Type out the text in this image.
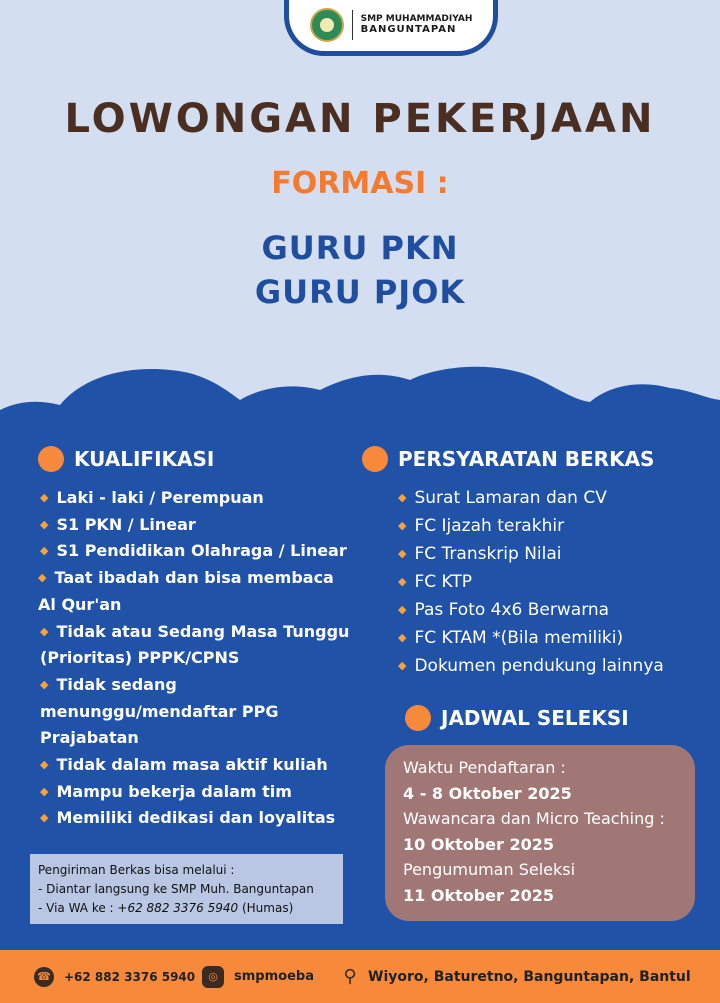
SMP MUHAMMADIYAH
BANGUNTAPAN
LOWONGAN PEKERJAAN
FORMASI :
GURU PKN
GURU PJOK
KUALIFIKASI
◆ Laki - laki / Perempuan
◆ S1 PKN / Linear
◆ S1 Pendidikan Olahraga / Linear
◆ Taat ibadah dan bisa membaca Al Qur'an
◆ Tidak atau Sedang Masa Tunggu (Prioritas) PPPK/CPNS
◆ Tidak sedang menunggu/mendaftar PPG Prajabatan
◆ Tidak dalam masa aktif kuliah
◆ Mampu bekerja dalam tim
◆ Memiliki dedikasi dan loyalitas
PERSYARATAN BERKAS
◆ Surat Lamaran dan CV
◆ FC Ijazah terakhir
◆ FC Transkrip Nilai
◆ FC KTP
◆ Pas Foto 4x6 Berwarna
◆ FC KTAM *(Bila memiliki)
◆ Dokumen pendukung lainnya
JADWAL SELEKSI
Waktu Pendaftaran :
4 - 8 Oktober 2025
Wawancara dan Micro Teaching :
10 Oktober 2025
Pengumuman Seleksi
11 Oktober 2025
Pengiriman Berkas bisa melalui :
- Diantar langsung ke SMP Muh. Banguntapan
- Via WA ke : +62 882 3376 5940 (Humas)
☎ +62 882 3376 5940	◎	smpmoeba ⚲ Wiyoro, Baturetno, Banguntapan, Bantul
